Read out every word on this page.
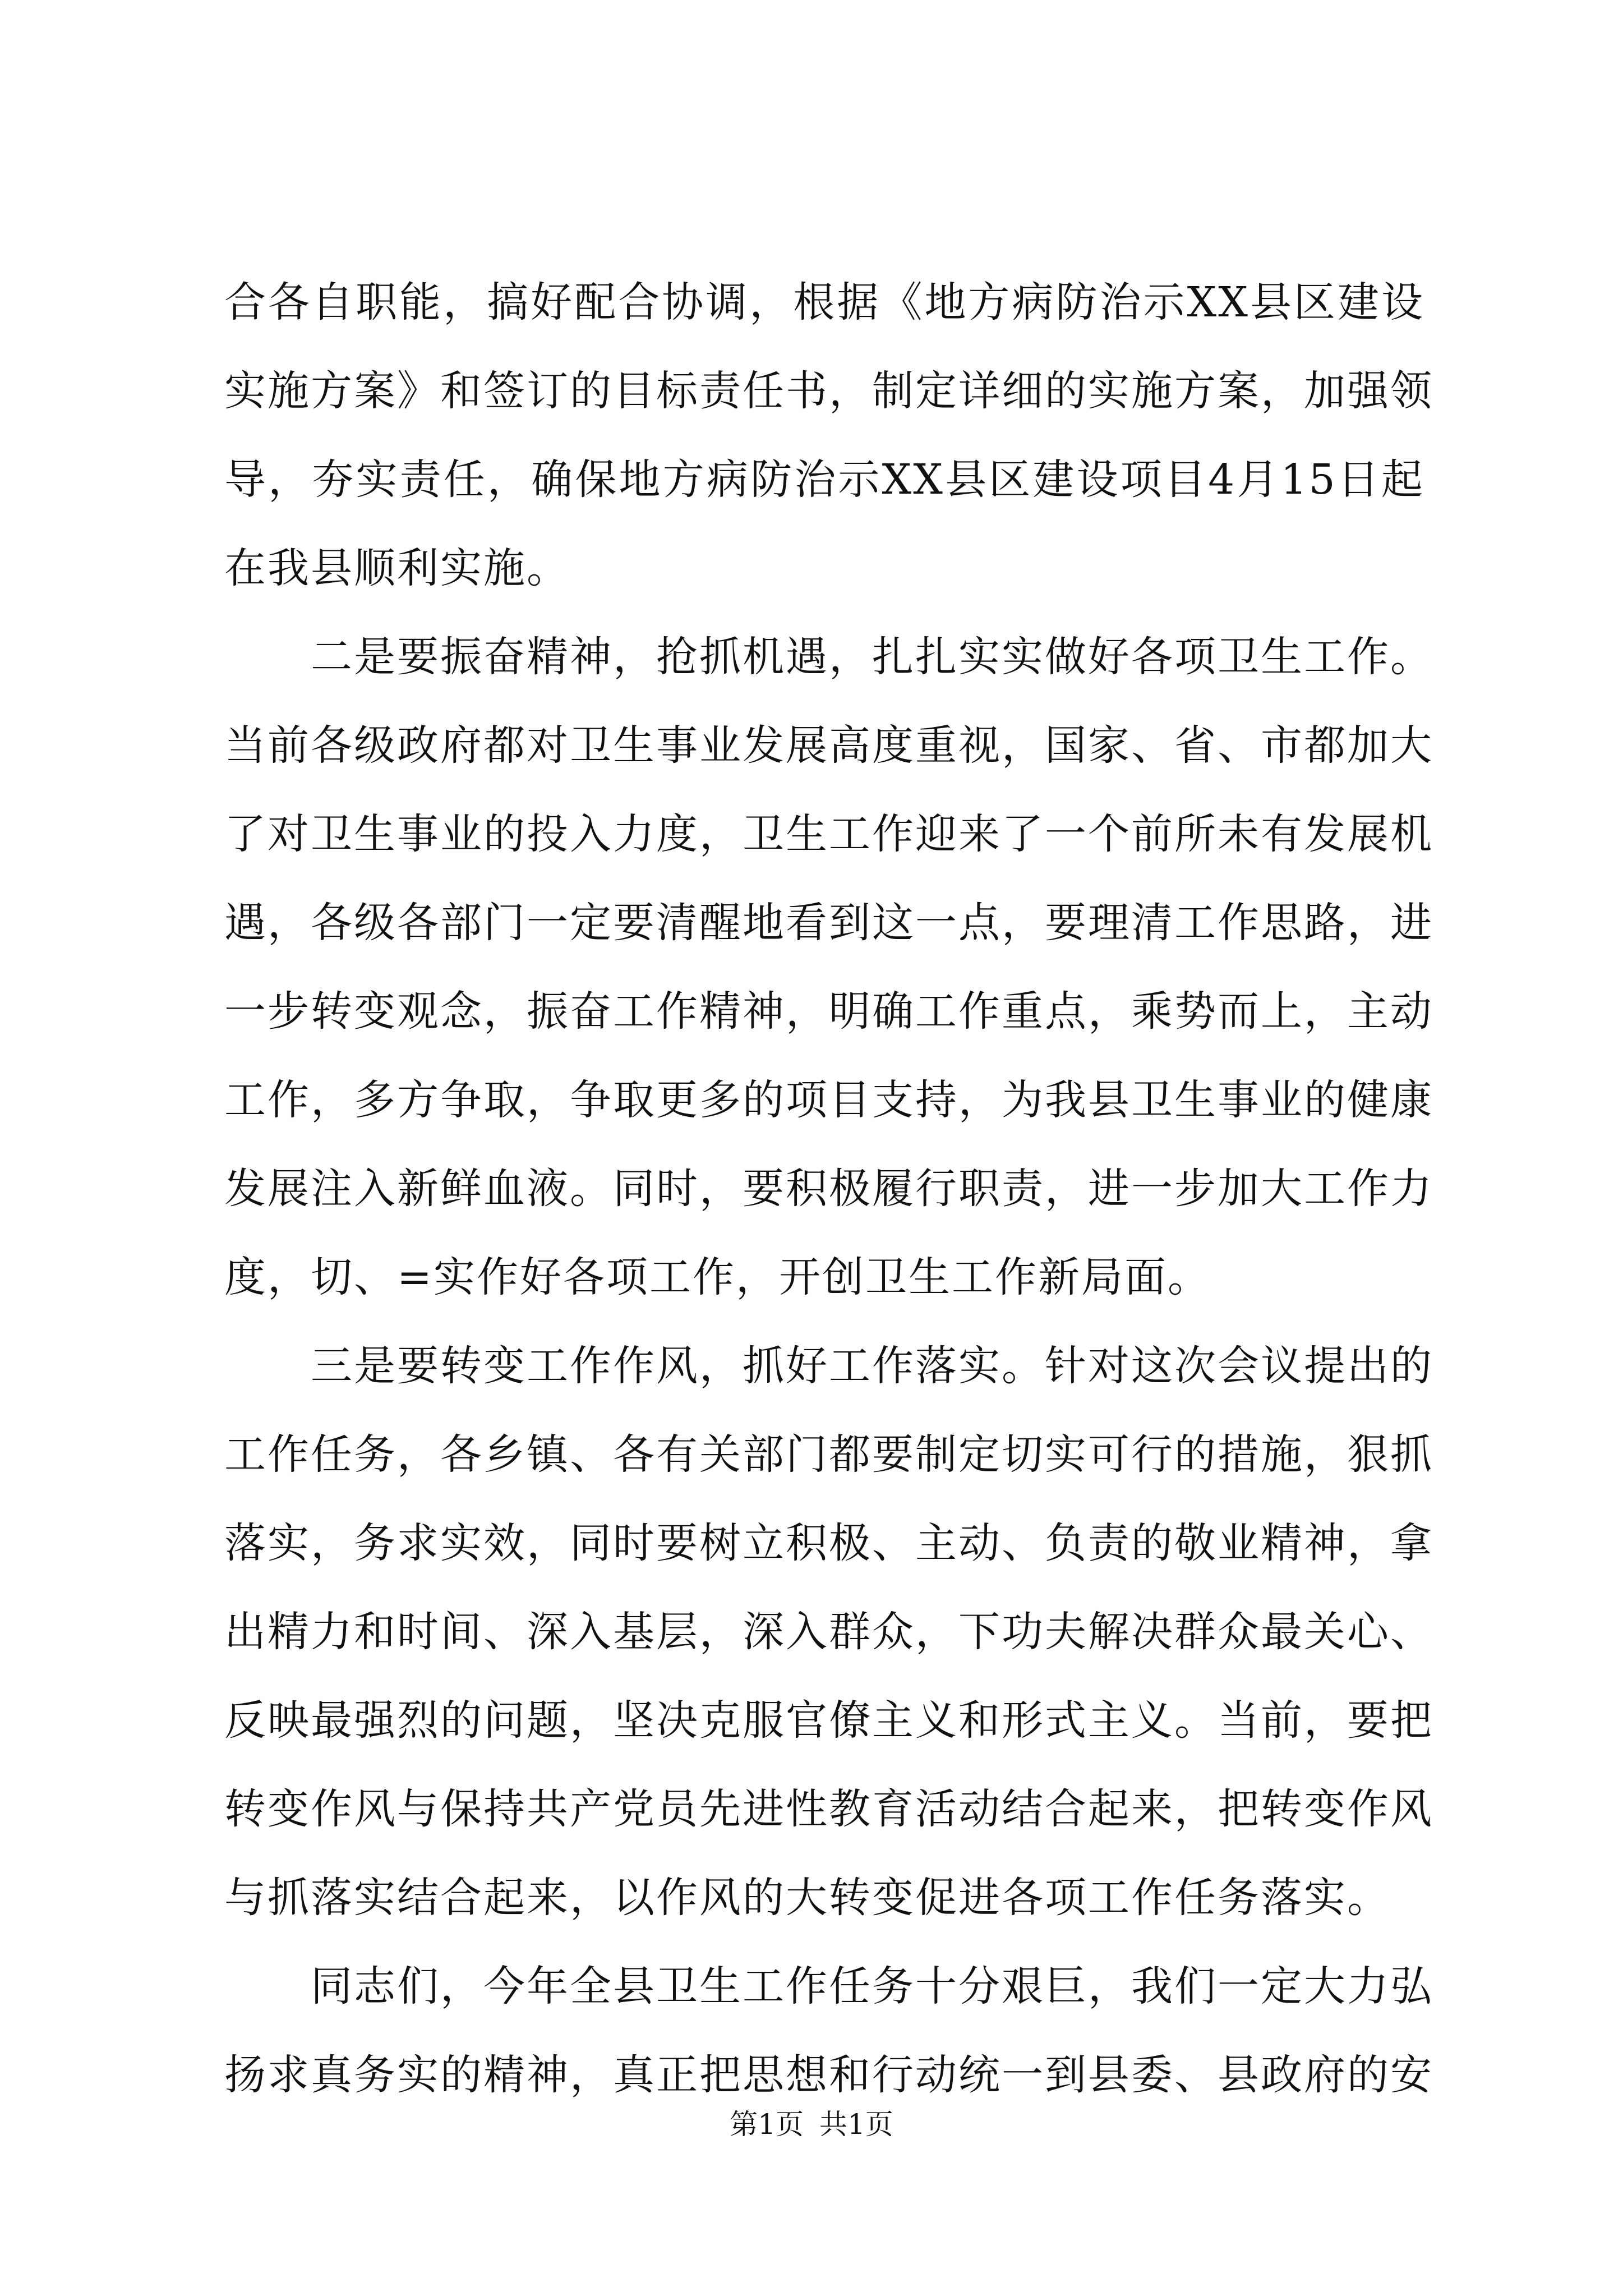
合各自职能，搞好配合协调，根据《地方病防治示XX县区建设
实施方案》和签订的目标责任书，制定详细的实施方案，加强领
导，夯实责任，确保地方病防治示XX县区建设项目4月15日起
在我县顺利实施。
二是要振奋精神，抢抓机遇，扎扎实实做好各项卫生工作。
当前各级政府都对卫生事业发展高度重视，国家、省、市都加大
了对卫生事业的投入力度，卫生工作迎来了一个前所未有发展机
遇，各级各部门一定要清醒地看到这一点，要理清工作思路，进
一步转变观念，振奋工作精神，明确工作重点，乘势而上，主动
工作，多方争取，争取更多的项目支持，为我县卫生事业的健康
发展注入新鲜血液。同时，要积极履行职责，进一步加大工作力
度，切、=实作好各项工作，开创卫生工作新局面。
三是要转变工作作风，抓好工作落实。针对这次会议提出的
工作任务，各乡镇、各有关部门都要制定切实可行的措施，狠抓
落实，务求实效，同时要树立积极、主动、负责的敬业精神，拿
出精力和时间、深入基层，深入群众，下功夫解决群众最关心、
反映最强烈的问题，坚决克服官僚主义和形式主义。当前，要把
转变作风与保持共产党员先进性教育活动结合起来，把转变作风
与抓落实结合起来，以作风的大转变促进各项工作任务落实。
同志们，今年全县卫生工作任务十分艰巨，我们一定大力弘
扬求真务实的精神，真正把思想和行动统一到县委、县政府的安
第1页 共1页
